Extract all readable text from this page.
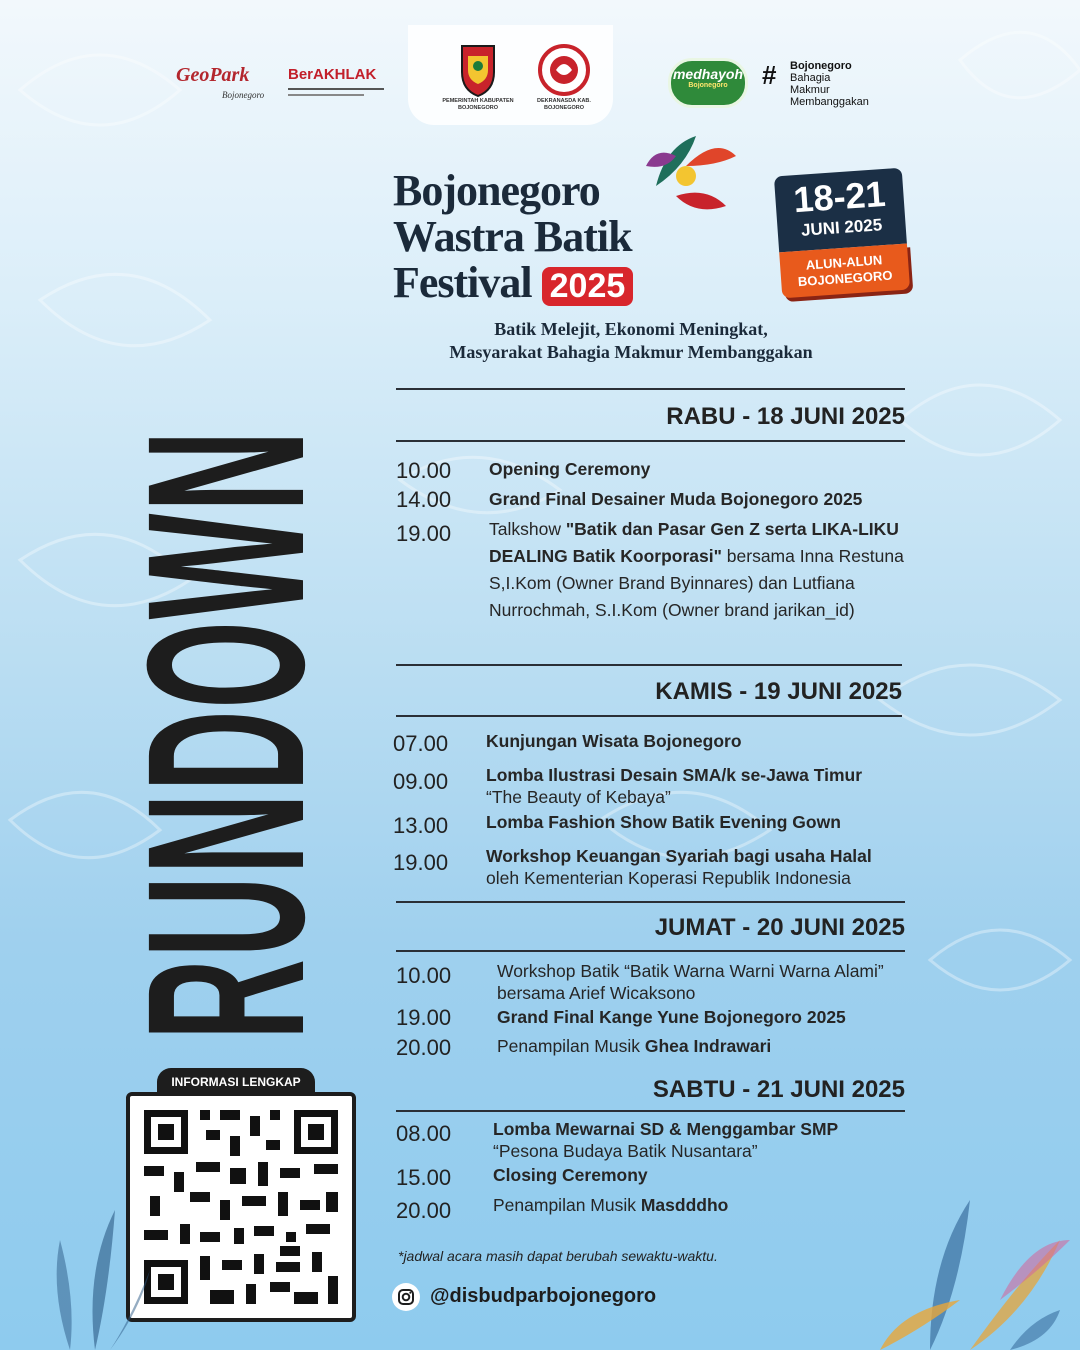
GeoPark
Bojonegoro
BerAKHLAK
PEMERINTAH KABUPATEN BOJONEGORO
DEKRANASDA KAB. BOJONEGORO
medhayoh
Bojonegoro	# Bojonegoro
Bahagia
Makmur
Membanggakan
RUNDOWN
Bojonegoro
Wastra Batik
Festival 2025
18-21
JUNI 2025
ALUN-ALUN
BOJONEGORO
Batik Melejit, Ekonomi Meningkat,
Masyarakat Bahagia Makmur Membanggakan
RABU - 18 JUNI 2025
10.00 Opening Ceremony
14.00 Grand Final Desainer Muda Bojonegoro 2025
19.00 Talkshow "Batik dan Pasar Gen Z serta LIKA-LIKU DEALING Batik Koorporasi" bersama Inna Restuna S,I.Kom (Owner Brand Byinnares) dan Lutfiana Nurrochmah, S.I.Kom (Owner brand jarikan_id)
KAMIS - 19 JUNI 2025
07.00 Kunjungan Wisata Bojonegoro
09.00 Lomba Ilustrasi Desain SMA/k se-Jawa Timur
“The Beauty of Kebaya”
13.00 Lomba Fashion Show Batik Evening Gown
19.00 Workshop Keuangan Syariah bagi usaha Halal
oleh Kementerian Koperasi Republik Indonesia
JUMAT - 20 JUNI 2025
10.00	Workshop Batik “Batik Warna Warni Warna Alami”
bersama Arief Wicaksono
19.00	Grand Final Kange Yune Bojonegoro 2025
20.00	Penampilan Musik Ghea Indrawari
SABTU - 21 JUNI 2025
08.00 Lomba Mewarnai SD & Menggambar SMP
“Pesona Budaya Batik Nusantara”
15.00 Closing Ceremony
20.00 Penampilan Musik Masdddho
INFORMASI LENGKAP
*jadwal acara masih dapat berubah sewaktu-waktu.
@disbudparbojonegoro
